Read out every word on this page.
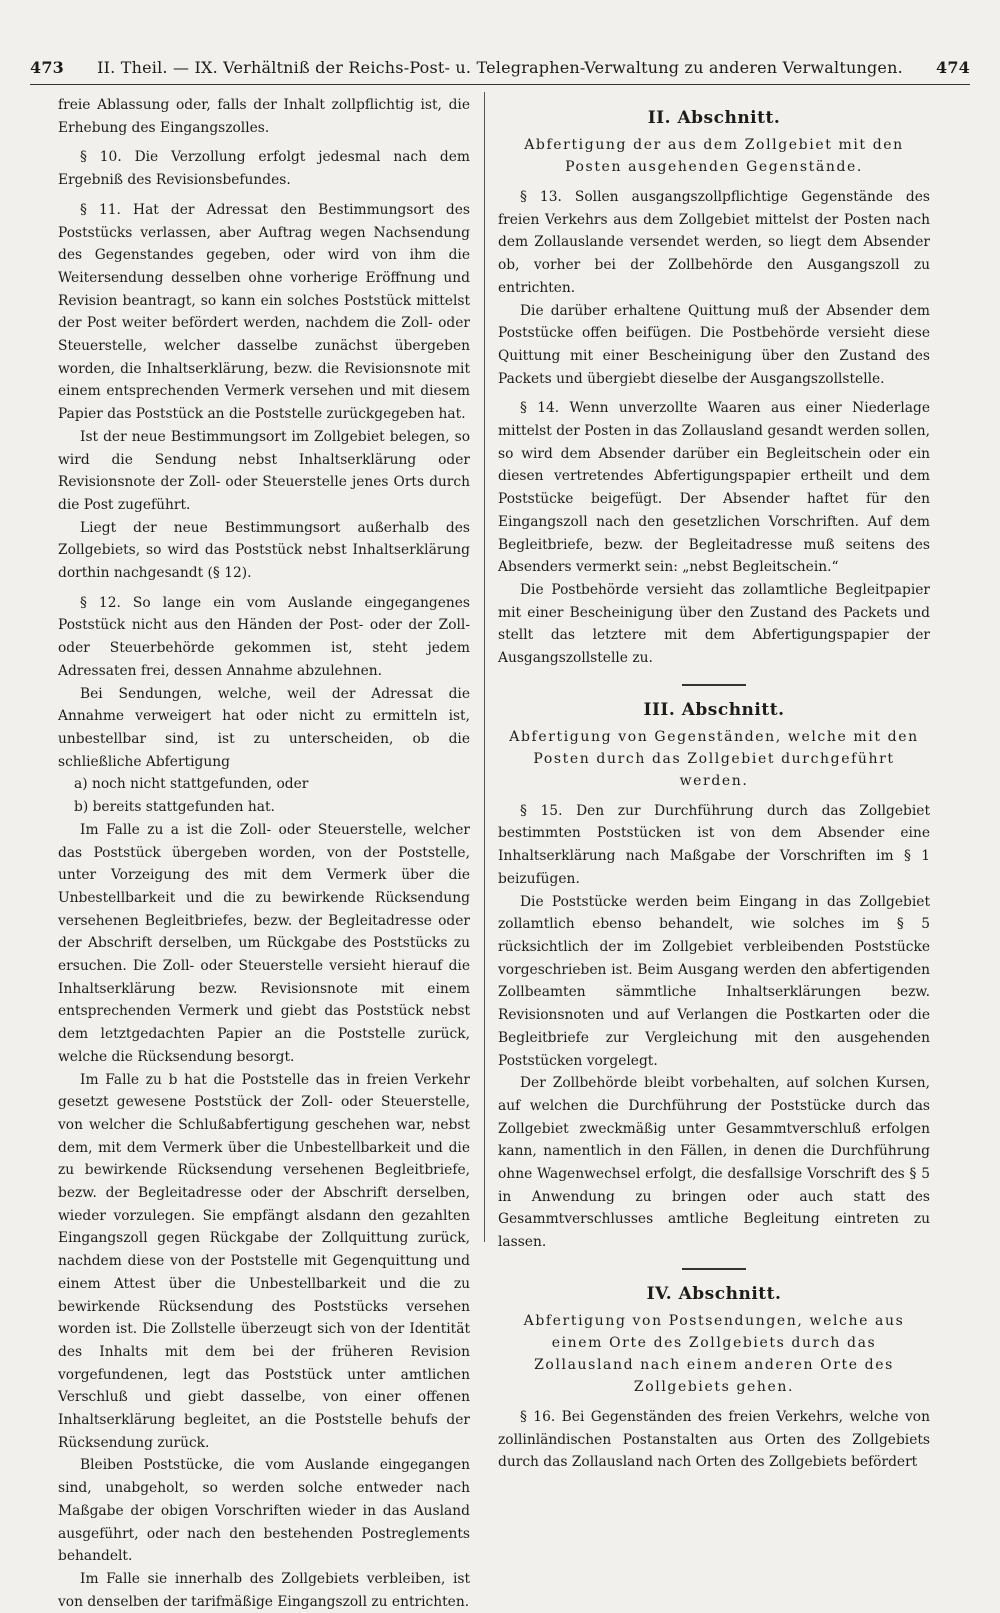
473	II. Theil. — IX. Verhältniß der Reichs-Post- u. Telegraphen-Verwaltung zu anderen Verwaltungen.	474

freie Ablassung oder, falls der Inhalt zollpflichtig ist, die Erhebung des Eingangszolles.

§ 10. Die Verzollung erfolgt jedesmal nach dem Ergebniß des Revisionsbefundes.

§ 11. Hat der Adressat den Bestimmungsort des Poststücks verlassen, aber Auftrag wegen Nachsendung des Gegenstandes gegeben, oder wird von ihm die Weitersendung desselben ohne vorherige Eröffnung und Revision beantragt, so kann ein solches Poststück mittelst der Post weiter befördert werden, nachdem die Zoll- oder Steuerstelle, welcher dasselbe zunächst übergeben worden, die Inhaltserklärung, bezw. die Revisionsnote mit einem entsprechenden Vermerk versehen und mit diesem Papier das Poststück an die Poststelle zurückgegeben hat.

Ist der neue Bestimmungsort im Zollgebiet belegen, so wird die Sendung nebst Inhaltserklärung oder Revisionsnote der Zoll- oder Steuerstelle jenes Orts durch die Post zugeführt.

Liegt der neue Bestimmungsort außerhalb des Zollgebiets, so wird das Poststück nebst Inhaltserklärung dorthin nachgesandt (§ 12).

§ 12. So lange ein vom Auslande eingegangenes Poststück nicht aus den Händen der Post- oder der Zoll- oder Steuerbehörde gekommen ist, steht jedem Adressaten frei, dessen Annahme abzulehnen.

Bei Sendungen, welche, weil der Adressat die Annahme verweigert hat oder nicht zu ermitteln ist, unbestellbar sind, ist zu unterscheiden, ob die schließliche Abfertigung

a) noch nicht stattgefunden, oder
b) bereits stattgefunden hat.

Im Falle zu a ist die Zoll- oder Steuerstelle, welcher das Poststück übergeben worden, von der Poststelle, unter Vorzeigung des mit dem Vermerk über die Unbestellbarkeit und die zu bewirkende Rücksendung versehenen Begleitbriefes, bezw. der Begleitadresse oder der Abschrift derselben, um Rückgabe des Poststücks zu ersuchen. Die Zoll- oder Steuerstelle versieht hierauf die Inhaltserklärung bezw. Revisionsnote mit einem entsprechenden Vermerk und giebt das Poststück nebst dem letztgedachten Papier an die Poststelle zurück, welche die Rücksendung besorgt.

Im Falle zu b hat die Poststelle das in freien Verkehr gesetzt gewesene Poststück der Zoll- oder Steuerstelle, von welcher die Schlußabfertigung geschehen war, nebst dem, mit dem Vermerk über die Unbestellbarkeit und die zu bewirkende Rücksendung versehenen Begleitbriefe, bezw. der Begleitadresse oder der Abschrift derselben, wieder vorzulegen. Sie empfängt alsdann den gezahlten Eingangszoll gegen Rückgabe der Zollquittung zurück, nachdem diese von der Poststelle mit Gegenquittung und einem Attest über die Unbestellbarkeit und die zu bewirkende Rücksendung des Poststücks versehen worden ist. Die Zollstelle überzeugt sich von der Identität des Inhalts mit dem bei der früheren Revision vorgefundenen, legt das Poststück unter amtlichen Verschluß und giebt dasselbe, von einer offenen Inhaltserklärung begleitet, an die Poststelle behufs der Rücksendung zurück.

Bleiben Poststücke, die vom Auslande eingegangen sind, unabgeholt, so werden solche entweder nach Maßgabe der obigen Vorschriften wieder in das Ausland ausgeführt, oder nach den bestehenden Postreglements behandelt.

Im Falle sie innerhalb des Zollgebiets verbleiben, ist von denselben der tarifmäßige Eingangszoll zu entrichten.

II. Abschnitt.
Abfertigung der aus dem Zollgebiet mit den Posten ausgehenden Gegenstände.

§ 13. Sollen ausgangszollpflichtige Gegenstände des freien Verkehrs aus dem Zollgebiet mittelst der Posten nach dem Zollauslande versendet werden, so liegt dem Absender ob, vorher bei der Zollbehörde den Ausgangszoll zu entrichten.

Die darüber erhaltene Quittung muß der Absender dem Poststücke offen beifügen. Die Postbehörde versieht diese Quittung mit einer Bescheinigung über den Zustand des Packets und übergiebt dieselbe der Ausgangszollstelle.

§ 14. Wenn unverzollte Waaren aus einer Niederlage mittelst der Posten in das Zollausland gesandt werden sollen, so wird dem Absender darüber ein Begleitschein oder ein diesen vertretendes Abfertigungspapier ertheilt und dem Poststücke beigefügt. Der Absender haftet für den Eingangszoll nach den gesetzlichen Vorschriften. Auf dem Begleitbriefe, bezw. der Begleitadresse muß seitens des Absenders vermerkt sein: „nebst Begleitschein.“

Die Postbehörde versieht das zollamtliche Begleitpapier mit einer Bescheinigung über den Zustand des Packets und stellt das letztere mit dem Abfertigungspapier der Ausgangszollstelle zu.

III. Abschnitt.
Abfertigung von Gegenständen, welche mit den Posten durch das Zollgebiet durchgeführt werden.

§ 15. Den zur Durchführung durch das Zollgebiet bestimmten Poststücken ist von dem Absender eine Inhaltserklärung nach Maßgabe der Vorschriften im § 1 beizufügen.

Die Poststücke werden beim Eingang in das Zollgebiet zollamtlich ebenso behandelt, wie solches im § 5 rücksichtlich der im Zollgebiet verbleibenden Poststücke vorgeschrieben ist. Beim Ausgang werden den abfertigenden Zollbeamten sämmtliche Inhaltserklärungen bezw. Revisionsnoten und auf Verlangen die Postkarten oder die Begleitbriefe zur Vergleichung mit den ausgehenden Poststücken vorgelegt.

Der Zollbehörde bleibt vorbehalten, auf solchen Kursen, auf welchen die Durchführung der Poststücke durch das Zollgebiet zweckmäßig unter Gesammtverschluß erfolgen kann, namentlich in den Fällen, in denen die Durchführung ohne Wagenwechsel erfolgt, die desfallsige Vorschrift des § 5 in Anwendung zu bringen oder auch statt des Gesammtverschlusses amtliche Begleitung eintreten zu lassen.

IV. Abschnitt.
Abfertigung von Postsendungen, welche aus einem Orte des Zollgebiets durch das Zollausland nach einem anderen Orte des Zollgebiets gehen.

§ 16. Bei Gegenständen des freien Verkehrs, welche von zollinländischen Postanstalten aus Orten des Zollgebiets durch das Zollausland nach Orten des Zollgebiets befördert
